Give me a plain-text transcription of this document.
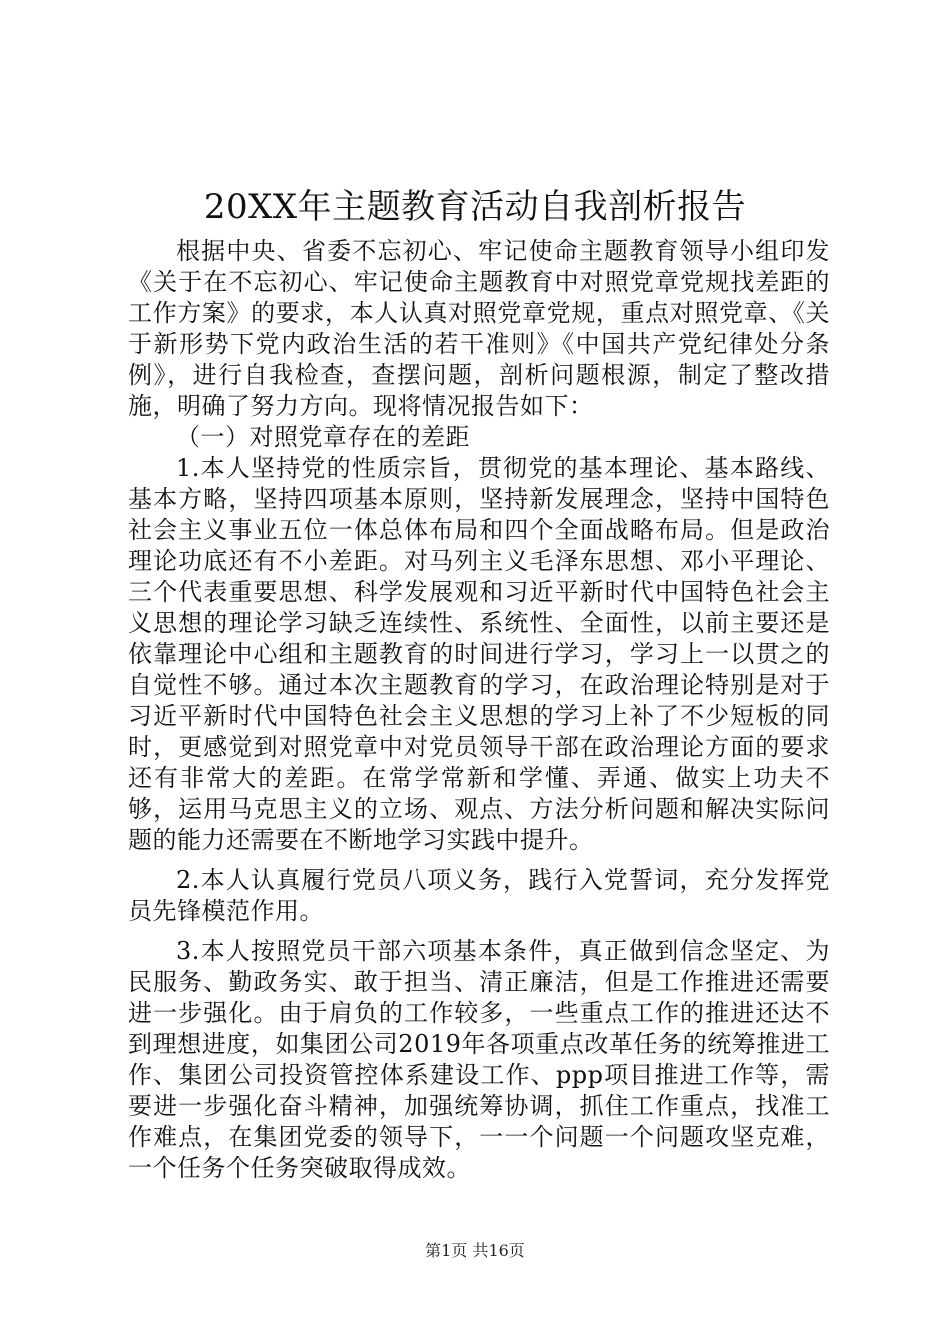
20XX年主题教育活动自我剖析报告

根据中央、省委不忘初心、牢记使命主题教育领导小组印发《关于在不忘初心、牢记使命主题教育中对照党章党规找差距的工作方案》的要求，本人认真对照党章党规，重点对照党章、《关于新形势下党内政治生活的若干准则》《中国共产党纪律处分条例》，进行自我检查，查摆问题，剖析问题根源，制定了整改措施，明确了努力方向。现将情况报告如下：

（一）对照党章存在的差距

1.本人坚持党的性质宗旨，贯彻党的基本理论、基本路线、基本方略，坚持四项基本原则，坚持新发展理念，坚持中国特色社会主义事业五位一体总体布局和四个全面战略布局。但是政治理论功底还有不小差距。对马列主义毛泽东思想、邓小平理论、三个代表重要思想、科学发展观和习近平新时代中国特色社会主义思想的理论学习缺乏连续性、系统性、全面性，以前主要还是依靠理论中心组和主题教育的时间进行学习，学习上一以贯之的自觉性不够。通过本次主题教育的学习，在政治理论特别是对于习近平新时代中国特色社会主义思想的学习上补了不少短板的同时，更感觉到对照党章中对党员领导干部在政治理论方面的要求还有非常大的差距。在常学常新和学懂、弄通、做实上功夫不够，运用马克思主义的立场、观点、方法分析问题和解决实际问题的能力还需要在不断地学习实践中提升。

2.本人认真履行党员八项义务，践行入党誓词，充分发挥党员先锋模范作用。

3.本人按照党员干部六项基本条件，真正做到信念坚定、为民服务、勤政务实、敢于担当、清正廉洁，但是工作推进还需要进一步强化。由于肩负的工作较多，一些重点工作的推进还达不到理想进度，如集团公司2019年各项重点改革任务的统筹推进工作、集团公司投资管控体系建设工作、ppp项目推进工作等，需要进一步强化奋斗精神，加强统筹协调，抓住工作重点，找准工作难点，在集团党委的领导下，一一个问题一个问题攻坚克难，一个任务个任务突破取得成效。

第1页 共16页
